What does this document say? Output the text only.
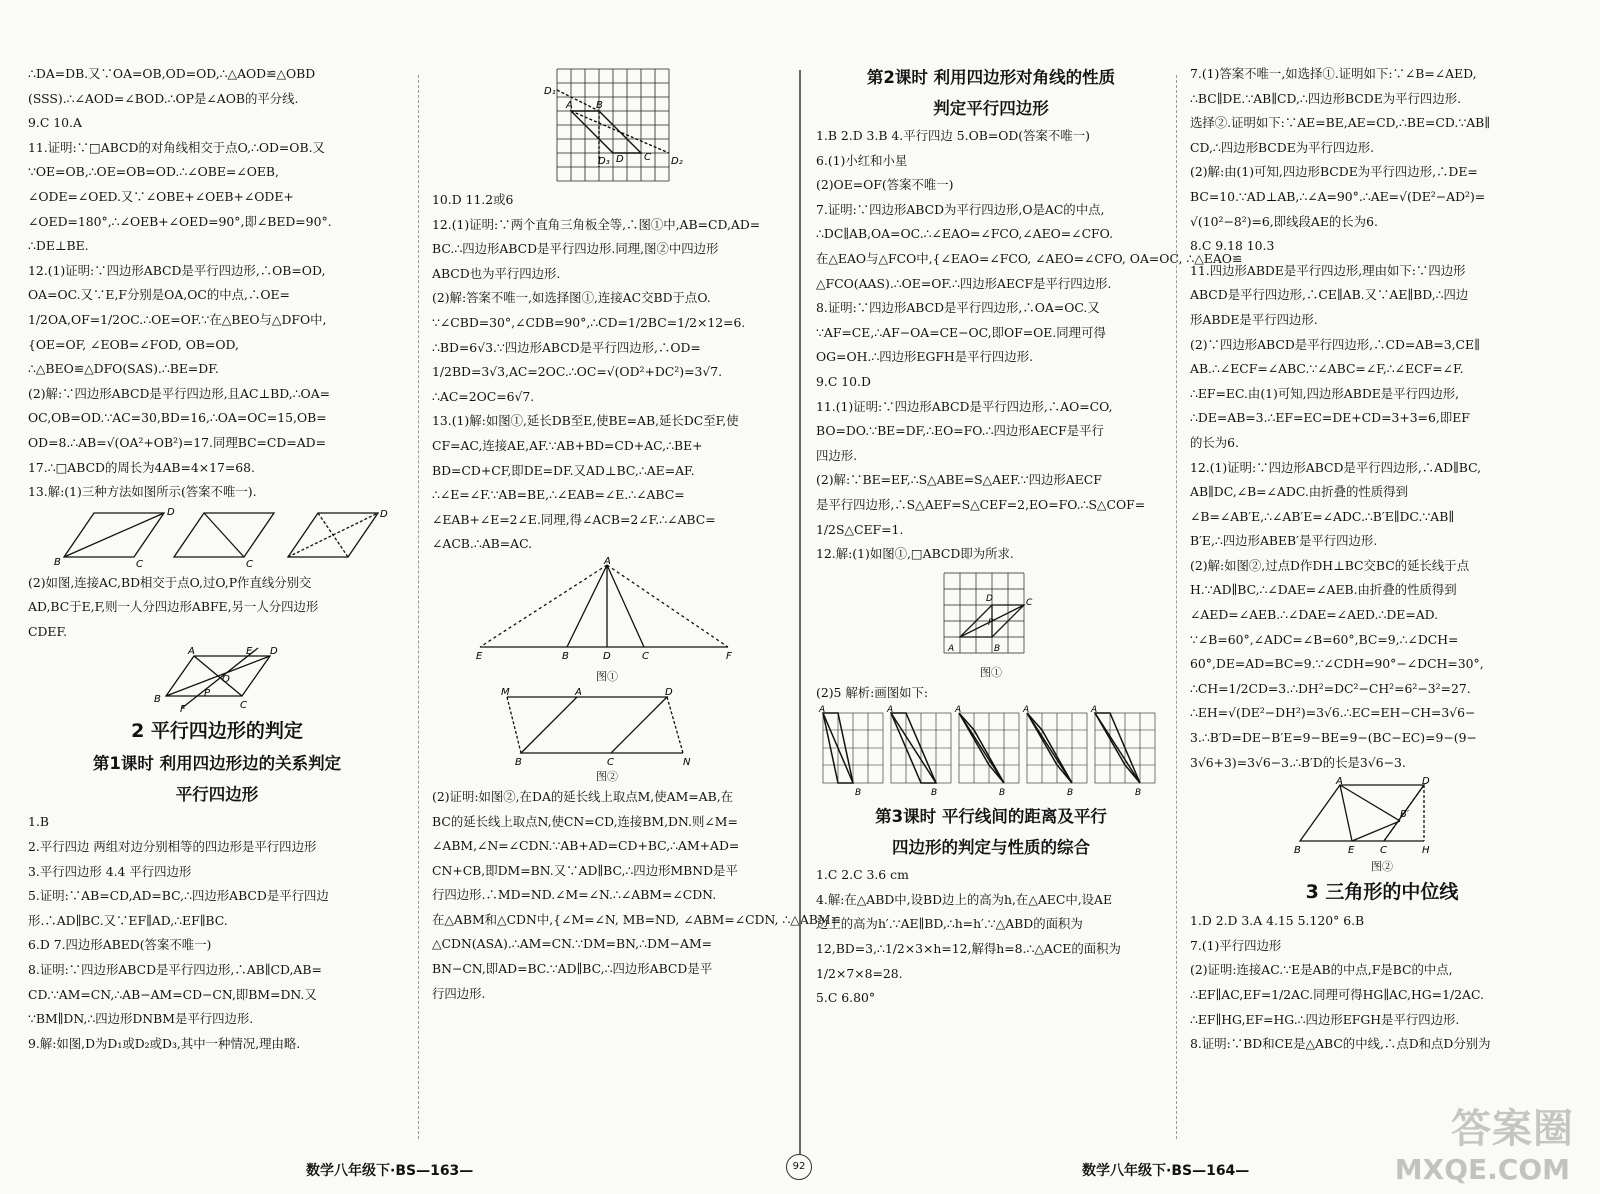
∴DA=DB.又∵OA=OB,OD=OD,∴△AOD≌△OBD

(SSS).∴∠AOD=∠BOD.∴OP是∠AOB的平分线.

9.C 10.A

11.证明:∵□ABCD的对角线相交于点O,∴OD=OB.又

∵OE=OB,∴OE=OB=OD.∴∠OBE=∠OEB,

∠ODE=∠OED.又∵∠OBE+∠OEB+∠ODE+

∠OED=180°,∴∠OEB+∠OED=90°,即∠BED=90°.

∴DE⊥BE.

12.(1)证明:∵四边形ABCD是平行四边形,∴OB=OD,

OA=OC.又∵E,F分别是OA,OC的中点,∴OE=

1/2OA,OF=1/2OC.∴OE=OF.∵在△BEO与△DFO中,

{OE=OF, ∠EOB=∠FOD, OB=OD,

∴△BEO≌△DFO(SAS).∴BE=DF.

(2)解:∵四边形ABCD是平行四边形,且AC⊥BD,∴OA=

OC,OB=OD.∵AC=30,BD=16,∴OA=OC=15,OB=

OD=8.∴AB=√(OA²+OB²)=17.同理BC=CD=AD=

17.∴□ABCD的周长为4AB=4×17=68.

13.解:(1)三种方法如图所示(答案不唯一).

B
D
C
C
D

(2)如图,连接AC,BD相交于点O,过O,P作直线分别交

AD,BC于E,F,则一人分四边形ABFE,另一人分四边形

CDEF.

B
A	E D
O
P
F	C

2 平行四边形的判定

第1课时 利用四边形边的关系判定

平行四边形

1.B

2.平行四边 两组对边分别相等的四边形是平行四边形

3.平行四边形 4.4 平行四边形

5.证明:∵AB=CD,AD=BC,∴四边形ABCD是平行四边

形.∴AD∥BC.又∵EF∥AD,∴EF∥BC.

6.D 7.四边形ABED(答案不唯一)

8.证明:∵四边形ABCD是平行四边形,∴AB∥CD,AB=

CD.∵AM=CN,∴AB−AM=CD−CN,即BM=DN.又

∵BM∥DN,∴四边形DNBM是平行四边形.

9.解:如图,D为D₁或D₂或D₃,其中一种情况,理由略.

D₁
A B
C
D₃ D	D₂

10.D 11.2或6

12.(1)证明:∵两个直角三角板全等,∴图①中,AB=CD,AD=

BC.∴四边形ABCD是平行四边形.同理,图②中四边形

ABCD也为平行四边形.

(2)解:答案不唯一,如选择图①,连接AC交BD于点O.

∵∠CBD=30°,∠CDB=90°,∴CD=1/2BC=1/2×12=6.

∴BD=6√3.∵四边形ABCD是平行四边形,∴OD=

1/2BD=3√3,AC=2OC.∴OC=√(OD²+DC²)=3√7.

∴AC=2OC=6√7.

13.(1)解:如图①,延长DB至E,使BE=AB,延长DC至F,使

CF=AC,连接AE,AF.∵AB+BD=CD+AC,∴BE+

BD=CD+CF,即DE=DF.又AD⊥BC,∴AE=AF.

∴∠E=∠F.∵AB=BE,∴∠EAB=∠E.∴∠ABC=

∠EAB+∠E=2∠E.同理,得∠ACB=2∠F.∴∠ABC=

∠ACB.∴AB=AC.

A
E	B	D	C	F

图①

M	A	D
B	C	N

图②

(2)证明:如图②,在DA的延长线上取点M,使AM=AB,在

BC的延长线上取点N,使CN=CD,连接BM,DN.则∠M=

∠ABM,∠N=∠CDN.∵AB+AD=CD+BC,∴AM+AD=

CN+CB,即DM=BN.又∵AD∥BC,∴四边形MBND是平

行四边形.∴MD=ND.∠M=∠N.∴∠ABM=∠CDN.

在△ABM和△CDN中,{∠M=∠N, MB=ND, ∠ABM=∠CDN, ∴△ABM≌

△CDN(ASA).∴AM=CN.∵DM=BN,∴DM−AM=

BN−CN,即AD=BC.∵AD∥BC,∴四边形ABCD是平

行四边形.

第2课时 利用四边形对角线的性质

判定平行四边形

1.B 2.D 3.B 4.平行四边 5.OB=OD(答案不唯一)

6.(1)小红和小星

(2)OE=OF(答案不唯一)

7.证明:∵四边形ABCD为平行四边形,O是AC的中点,

∴DC∥AB,OA=OC.∴∠EAO=∠FCO,∠AEO=∠CFO.

在△EAO与△FCO中,{∠EAO=∠FCO, ∠AEO=∠CFO, OA=OC, ∴△EAO≌

△FCO(AAS).∴OE=OF.∴四边形AECF是平行四边形.

8.证明:∵四边形ABCD是平行四边形,∴OA=OC.又

∵AF=CE,∴AF−OA=CE−OC,即OF=OE.同理可得

OG=OH.∴四边形EGFH是平行四边形.

9.C 10.D

11.(1)证明:∵四边形ABCD是平行四边形,∴AO=CO,

BO=DO.∵BE=DF,∴EO=FO.∴四边形AECF是平行

四边形.

(2)解:∵BE=EF,∴S△ABE=S△AEF.∵四边形AECF

是平行四边形,∴S△AEF=S△CEF=2,EO=FO.∴S△COF=

1/2S△CEF=1.

12.解:(1)如图①,□ABCD即为所求.

A	B
C
D
P

图①

(2)5 解析:画图如下:

A
B
A
B
A
B
A
B
A
B

第3课时 平行线间的距离及平行

四边形的判定与性质的综合

1.C 2.C 3.6 cm

4.解:在△ABD中,设BD边上的高为h,在△AEC中,设AE

边上的高为h′.∵AE∥BD,∴h=h′.∵△ABD的面积为

12,BD=3,∴1/2×3×h=12,解得h=8.∴△ACE的面积为

1/2×7×8=28.

5.C 6.80°

7.(1)答案不唯一,如选择①.证明如下:∵∠B=∠AED,

∴BC∥DE.∵AB∥CD,∴四边形BCDE为平行四边形.

选择②.证明如下:∵AE=BE,AE=CD,∴BE=CD.∵AB∥

CD,∴四边形BCDE为平行四边形.

(2)解:由(1)可知,四边形BCDE为平行四边形,∴DE=

BC=10.∵AD⊥AB,∴∠A=90°.∴AE=√(DE²−AD²)=

√(10²−8²)=6,即线段AE的长为6.

8.C 9.18 10.3

11.四边形ABDE是平行四边形,理由如下:∵四边形

ABCD是平行四边形,∴CE∥AB.又∵AE∥BD,∴四边

形ABDE是平行四边形.

(2)∵四边形ABCD是平行四边形,∴CD=AB=3,CE∥

AB.∴∠ECF=∠ABC.∵∠ABC=∠F,∴∠ECF=∠F.

∴EF=EC.由(1)可知,四边形ABDE是平行四边形,

∴DE=AB=3.∴EF=EC=DE+CD=3+3=6,即EF

的长为6.

12.(1)证明:∵四边形ABCD是平行四边形,∴AD∥BC,

AB∥DC,∠B=∠ADC.由折叠的性质得到

∠B=∠AB′E,∴∠AB′E=∠ADC.∴B′E∥DC.∵AB∥

B′E,∴四边形ABEB′是平行四边形.

(2)解:如图②,过点D作DH⊥BC交BC的延长线于点

H.∵AD∥BC,∴∠DAE=∠AEB.由折叠的性质得到

∠AED=∠AEB.∴∠DAE=∠AED.∴DE=AD.

∵∠B=60°,∠ADC=∠B=60°,BC=9,∴∠DCH=

60°,DE=AD=BC=9.∵∠CDH=90°−∠DCH=30°,

∴CH=1/2CD=3.∴DH²=DC²−CH²=6²−3²=27.

∴EH=√(DE²−DH²)=3√6.∴EC=EH−CH=3√6−

3.∴B′D=DE−B′E=9−BE=9−(BC−EC)=9−(9−

3√6+3)=3√6−3.∴B′D的长是3√6−3.

A	D
B′
B	E	C	H

图②

3 三角形的中位线

1.D 2.D 3.A 4.15 5.120° 6.B

7.(1)平行四边形

(2)证明:连接AC.∵E是AB的中点,F是BC的中点,

∴EF∥AC,EF=1/2AC.同理可得HG∥AC,HG=1/2AC.

∴EF∥HG,EF=HG.∴四边形EFGH是平行四边形.

8.证明:∵BD和CE是△ABC的中线,∴点D和点D分别为

数学八年级下·BS—163—	92	数学八年级下·BS—164—
答案圈
MXQE.COM
